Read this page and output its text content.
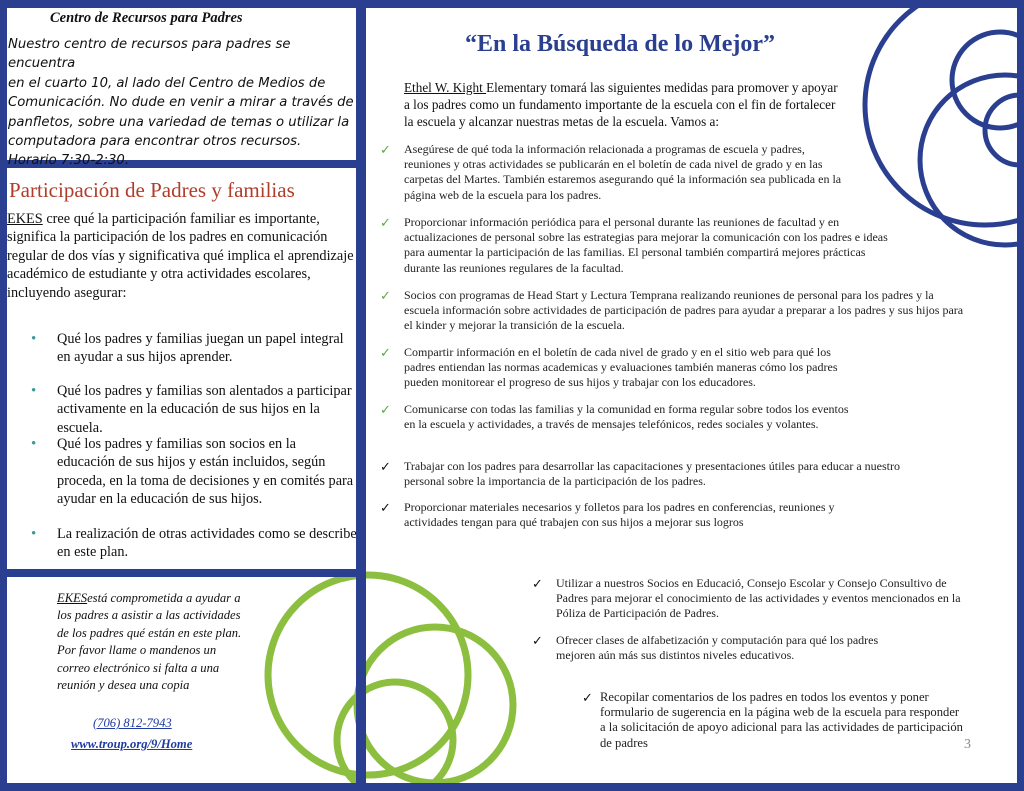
Centro de Recursos para Padres

Nuestro centro de recursos para padres se encuentra

en el cuarto 10, al lado del Centro de Medios de

Comunicación. No dude en venir a mirar a través de

panfletos, sobre una variedad de temas o utilizar la

computadora para encontrar otros recursos.

Horario 7:30-2:30.

Participación de Padres y familias
EKES cree qué la participación familiar es importante, significa la participación de los padres en comunicación regular de dos vías y significativa qué implica el aprendizaje académico de estudiante y otra actividades escolares, incluyendo asegurar:
• Qué los padres y familias juegan un papel integral en ayudar a sus hijos aprender.
• Qué los padres y familias son alentados a participar activamente en la educación de sus hijos en la escuela.
• Qué los padres y familias son socios en la educación de sus hijos y están incluidos, según proceda, en la toma de decisiones y en comités para ayudar en la educación de sus hijos.
• La realización de otras actividades como se describe en este plan.
EKESestá comprometida a ayudar a los padres a asistir a las actividades de los padres qué están en este plan. Por favor llame o mandenos un correo electrónico si falta a una reunión y desea una copia
(706) 812-7943
www.troup.org/9/Home
“En la Búsqueda de lo Mejor”
Ethel W. Kight Elementary tomará las siguientes medidas para promover y apoyar a los padres como un fundamento importante de la escuela con el fin de fortalecer la escuela y alcanzar nuestras metas de la escuela. Vamos a:
✓ Asegúrese de qué toda la información relacionada a programas de escuela y padres, reuniones y otras actividades se publicarán en el boletín de cada nivel de grado y en las carpetas del Martes. También estaremos asegurando qué la información sea publicada en la página web de la escuela para los padres.
✓ Proporcionar información periódica para el personal durante las reuniones de facultad y en actualizaciones de personal sobre las estrategias para mejorar la comunicación con los padres e ideas para aumentar la participación de las familias. El personal también compartirá mejores prácticas durante las reuniones regulares de la facultad.
✓ Socios con programas de Head Start y Lectura Temprana realizando reuniones de personal para los padres y la escuela información sobre actividades de participación de padres para ayudar a preparar a los padres y sus hijos para el kinder y mejorar la transición de la escuela.
✓ Compartir información en el boletín de cada nivel de grado y en el sitio web para qué los padres entiendan las normas academicas y evaluaciones también maneras cómo los padres pueden monitorear el progreso de sus hijos y trabajar con los educadores.
✓ Comunicarse con todas las familias y la comunidad en forma regular sobre todos los eventos en la escuela y actividades, a través de mensajes telefónicos, redes sociales y volantes.
✓ Trabajar con los padres para desarrollar las capacitaciones y presentaciones útiles para educar a nuestro personal sobre la importancia de la participación de los padres.
✓ Proporcionar materiales necesarios y folletos para los padres en conferencias, reuniones y actividades tengan para qué trabajen con sus hijos a mejorar sus logros
✓ Utilizar a nuestros Socios en Educació, Consejo Escolar y Consejo Consultivo de Padres para mejorar el conocimiento de las actividades y eventos mencionados en la Póliza de Participación de Padres.
✓ Ofrecer clases de alfabetización y computación para qué los padres mejoren aún más sus distintos niveles educativos.
✓ Recopilar comentarios de los padres en todos los eventos y poner formulario de sugerencia en la página web de la escuela para responder a la solicitación de apoyo adicional para las actividades de participación de padres	3
